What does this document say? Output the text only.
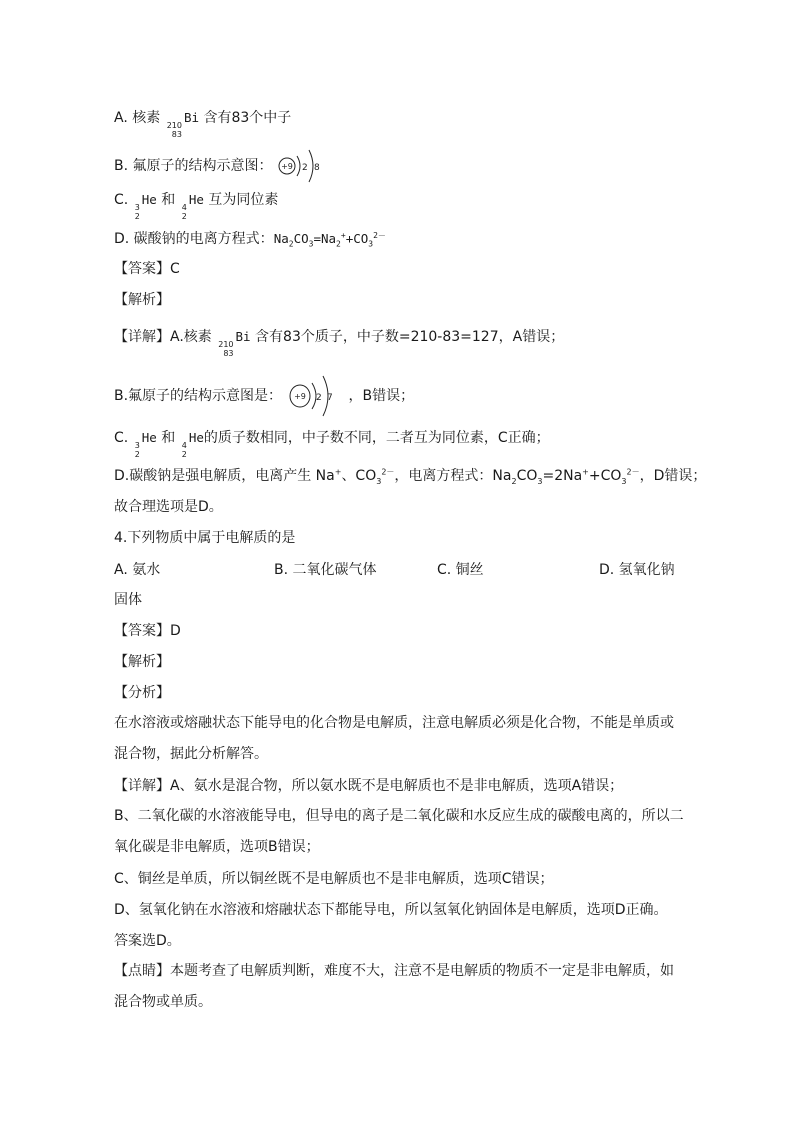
A. 核素 210
83
Bi 含有83个中子
B. 氟原子的结构示意图： +9 2 8
C. 3
2
He 和 4
2
He 互为同位素
D. 碳酸钠的电离方程式：$Na_2CO_3=Na_2^++CO_3^{2-}$
【答案】C
【解析】
【详解】A.核素 210
83
Bi 含有83个质子，中子数=210-83=127，A错误；
B.氟原子的结构示意图是： +9 2 7 ，B错误；
C. 3
2
He 和 4
2
He的质子数相同，中子数不同，二者互为同位素，C正确；
D.碳酸钠是强电解质，电离产生 Na+、$CO_3^{2-}$，电离方程式：$Na_2CO_3=2Na^++CO_3^{2-}$，D错误；
故合理选项是D。
4.下列物质中属于电解质的是
A. 氨水	B. 二氧化碳气体	C. 铜丝	D. 氢氧化钠
固体
【答案】D
【解析】
【分析】
在水溶液或熔融状态下能导电的化合物是电解质，注意电解质必须是化合物，不能是单质或混合物，据此分析解答。
【详解】A、氨水是混合物，所以氨水既不是电解质也不是非电解质，选项A错误；
B、二氧化碳的水溶液能导电，但导电的离子是二氧化碳和水反应生成的碳酸电离的，所以二氧化碳是非电解质，选项B错误；
C、铜丝是单质，所以铜丝既不是电解质也不是非电解质，选项C错误；
D、氢氧化钠在水溶液和熔融状态下都能导电，所以氢氧化钠固体是电解质，选项D正确。
答案选D。
【点睛】本题考查了电解质判断，难度不大，注意不是电解质的物质不一定是非电解质，如混合物或单质。
